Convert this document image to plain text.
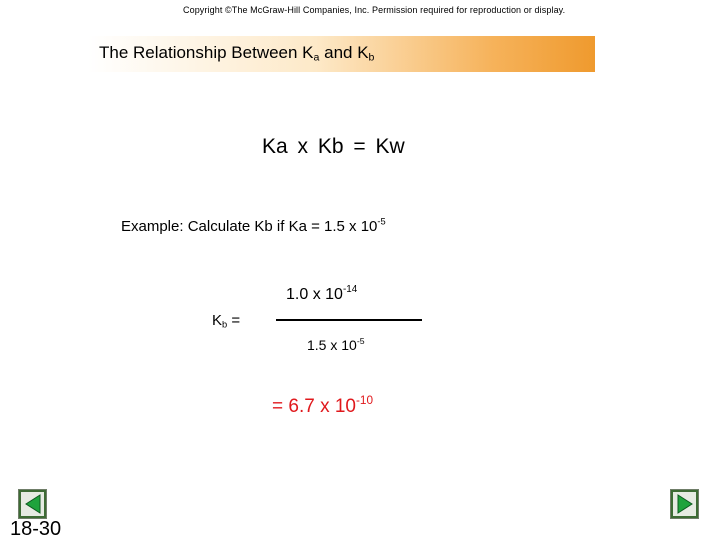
Copyright ©The McGraw-Hill Companies, Inc. Permission required for reproduction or display.
The Relationship Between $K_a$ and $K_b$
Ka x Kb = Kw
Example: Calculate Kb if Ka = 1.5 x $10^{-5}$
1.0 x $10^{-14}$
$K_b$ =
1.5 x $10^{-5}$
= 6.7 x $10^{-10}$
18-30
